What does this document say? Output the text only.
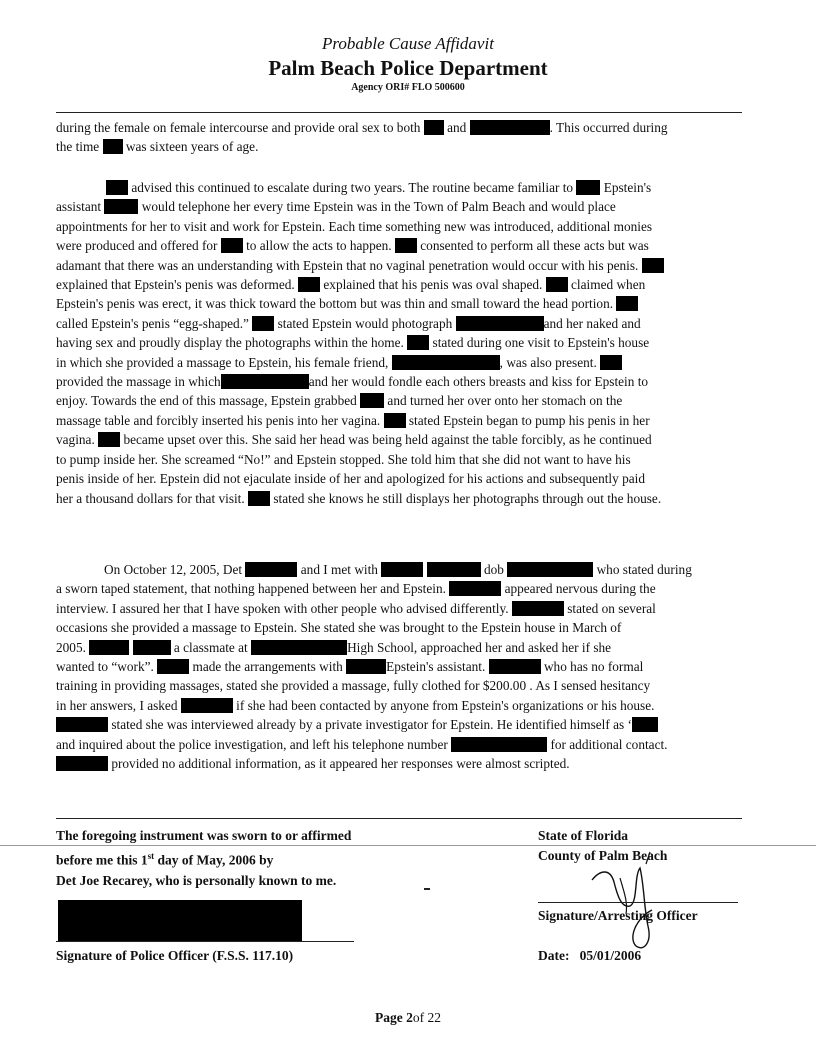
Probable Cause Affidavit
Palm Beach Police Department
Agency ORI# FLO 500600
during the female on female intercourse and provide oral sex to both and	. This occurred during
the time was sixteen years of age.
advised this continued to escalate during two years. The routine became familiar to Epstein's
assistant	would telephone her every time Epstein was in the Town of Palm Beach and would place
appointments for her to visit and work for Epstein. Each time something new was introduced, additional monies
were produced and offered for to allow the acts to happen. consented to perform all these acts but was
adamant that there was an understanding with Epstein that no vaginal penetration would occur with his penis.
explained that Epstein's penis was deformed. explained that his penis was oval shaped. claimed when
Epstein's penis was erect, it was thick toward the bottom but was thin and small toward the head portion.
called Epstein's penis “egg-shaped.” stated Epstein would photograph	and her naked and
having sex and proudly display the photographs within the home. stated during one visit to Epstein's house
in which she provided a massage to Epstein, his female friend,	, was also present.
provided the massage in which	and her would fondle each others breasts and kiss for Epstein to
enjoy. Towards the end of this massage, Epstein grabbed and turned her over onto her stomach on the
massage table and forcibly inserted his penis into her vagina. stated Epstein began to pump his penis in her
vagina. became upset over this. She said her head was being held against the table forcibly, as he continued
to pump inside her. She screamed “No!” and Epstein stopped. She told him that she did not want to have his
penis inside of her. Epstein did not ejaculate inside of her and apologized for his actions and subsequently paid
her a thousand dollars for that visit. stated she knows he still displays her photographs through out the house.
On October 12, 2005, Det	and I met with	dob	who stated during
a sworn taped statement, that nothing happened between her and Epstein.	appeared nervous during the
interview. I assured her that I have spoken with other people who advised differently.	stated on several
occasions she provided a massage to Epstein. She stated she was brought to the Epstein house in March of
2005.	a classmate at	High School, approached her and asked her if she
wanted to “work”.	made the arrangements with	Epstein's assistant.	who has no formal
training in providing massages, stated she provided a massage, fully clothed for $200.00 . As I sensed hesitancy
in her answers, I asked	if she had been contacted by anyone from Epstein's organizations or his house.
stated she was interviewed already by a private investigator for Epstein. He identified himself as ‘
and inquired about the police investigation, and left his telephone number	for additional contact.
provided no additional information, as it appeared her responses were almost scripted.
The foregoing instrument was sworn to or affirmed
before me this 1st day of May, 2006 by
Det Joe Recarey, who is personally known to me.
Signature of Police Officer (F.S.S. 117.10)
State of Florida
County of Palm Beach
Signature/Arresting Officer
Date: 05/01/2006
Page 2of 22
